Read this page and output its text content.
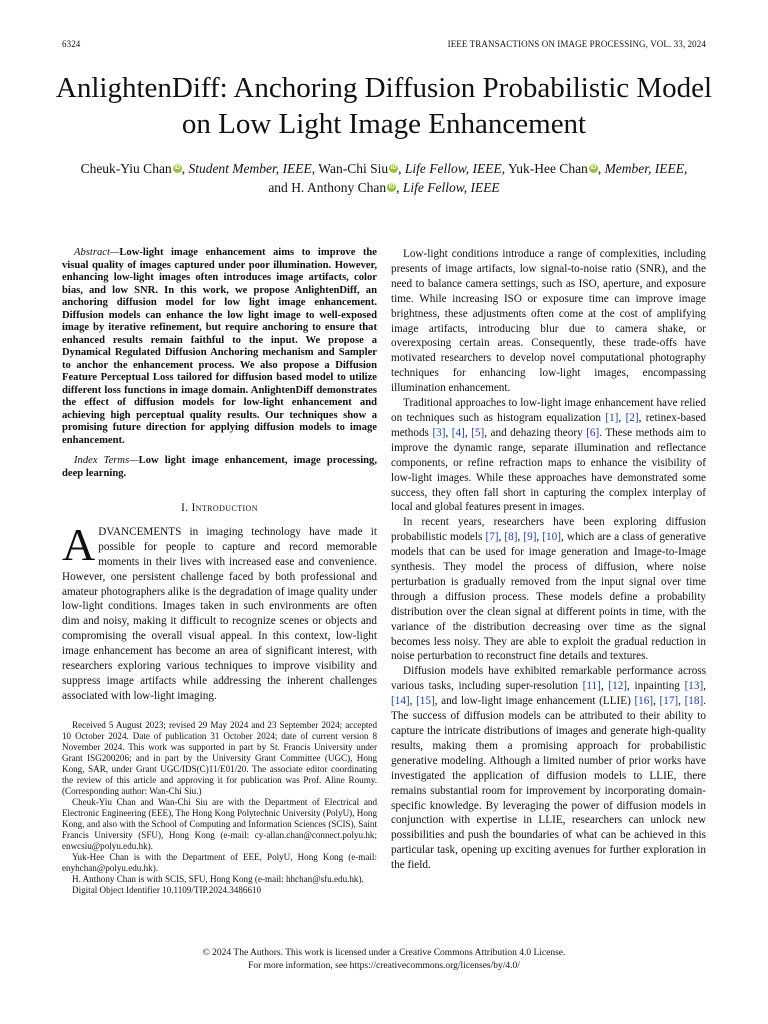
6324	IEEE TRANSACTIONS ON IMAGE PROCESSING, VOL. 33, 2024
AnlightenDiff: Anchoring Diffusion Probabilistic Model on Low Light Image Enhancement
Cheuk-Yiu Chan iD , Student Member, IEEE, Wan-Chi Siu iD , Life Fellow, IEEE, Yuk-Hee Chan iD , Member, IEEE,
and H. Anthony Chan iD , Life Fellow, IEEE

Abstract—Low-light image enhancement aims to improve the visual quality of images captured under poor illumination. However, enhancing low-light images often introduces image artifacts, color bias, and low SNR. In this work, we propose AnlightenDiff, an anchoring diffusion model for low light image enhancement. Diffusion models can enhance the low light image to well-exposed image by iterative refinement, but require anchoring to ensure that enhanced results remain faithful to the input. We propose a Dynamical Regulated Diffusion Anchoring mechanism and Sampler to anchor the enhancement process. We also propose a Diffusion Feature Perceptual Loss tailored for diffusion based model to utilize different loss functions in image domain. AnlightenDiff demonstrates the effect of diffusion models for low-light enhancement and achieving high perceptual quality results. Our techniques show a promising future direction for applying diffusion models to image enhancement.

Index Terms—Low light image enhancement, image processing, deep learning.

I. Introduction

ADVANCEMENTS in imaging technology have made it possible for people to capture and record memorable moments in their lives with increased ease and convenience. However, one persistent challenge faced by both professional and amateur photographers alike is the degradation of image quality under low-light conditions. Images taken in such environments are often dim and noisy, making it difficult to recognize scenes or objects and compromising the overall visual appeal. In this context, low-light image enhancement has become an area of significant interest, with researchers exploring various techniques to improve visibility and suppress image artifacts while addressing the inherent challenges associated with low-light imaging.

Received 5 August 2023; revised 29 May 2024 and 23 September 2024; accepted 10 October 2024. Date of publication 31 October 2024; date of current version 8 November 2024. This work was supported in part by St. Francis University under Grant ISG200206; and in part by the University Grant Committee (UGC), Hong Kong, SAR, under Grant UGC/IDS(C)11/E01/20. The associate editor coordinating the review of this article and approving it for publication was Prof. Aline Roumy. (Corresponding author: Wan-Chi Siu.)

Cheuk-Yiu Chan and Wan-Chi Siu are with the Department of Electrical and Electronic Engineering (EEE), The Hong Kong Polytechnic University (PolyU), Hong Kong, and also with the School of Computing and Information Sciences (SCIS), Saint Francis University (SFU), Hong Kong (e-mail: cy-allan.chan@connect.polyu.hk; enwcsiu@polyu.edu.hk).

Yuk-Hee Chan is with the Department of EEE, PolyU, Hong Kong (e-mail: enyhchan@polyu.edu.hk).

H. Anthony Chan is with SCIS, SFU, Hong Kong (e-mail: hhchan@sfu.edu.hk).

Digital Object Identifier 10.1109/TIP.2024.3486610

Low-light conditions introduce a range of complexities, including presents of image artifacts, low signal-to-noise ratio (SNR), and the need to balance camera settings, such as ISO, aperture, and exposure time. While increasing ISO or exposure time can improve image brightness, these adjustments often come at the cost of amplifying image artifacts, introducing blur due to camera shake, or overexposing certain areas. Consequently, these trade-offs have motivated researchers to develop novel computational photography techniques for enhancing low-light images, encompassing illumination enhancement.

Traditional approaches to low-light image enhancement have relied on techniques such as histogram equalization [1], [2], retinex-based methods [3], [4], [5], and dehazing theory [6]. These methods aim to improve the dynamic range, separate illumination and reflectance components, or refine refraction maps to enhance the visibility of low-light images. While these approaches have demonstrated some success, they often fall short in capturing the complex interplay of local and global features present in images.

In recent years, researchers have been exploring diffusion probabilistic models [7], [8], [9], [10], which are a class of generative models that can be used for image generation and Image-to-Image synthesis. They model the process of diffusion, where noise perturbation is gradually removed from the input signal over time through a diffusion process. These models define a probability distribution over the clean signal at different points in time, with the variance of the distribution decreasing over time as the signal becomes less noisy. They are able to exploit the gradual reduction in noise perturbation to reconstruct fine details and textures.

Diffusion models have exhibited remarkable performance across various tasks, including super-resolution [11], [12], inpainting [13], [14], [15], and low-light image enhancement (LLIE) [16], [17], [18]. The success of diffusion models can be attributed to their ability to capture the intricate distributions of images and generate high-quality results, making them a promising approach for probabilistic generative modeling. Although a limited number of prior works have investigated the application of diffusion models to LLIE, there remains substantial room for improvement by incorporating domain-specific knowledge. By leveraging the power of diffusion models in conjunction with expertise in LLIE, researchers can unlock new possibilities and push the boundaries of what can be achieved in this particular task, opening up exciting avenues for further exploration in the field.

© 2024 The Authors. This work is licensed under a Creative Commons Attribution 4.0 License.
For more information, see https://creativecommons.org/licenses/by/4.0/
